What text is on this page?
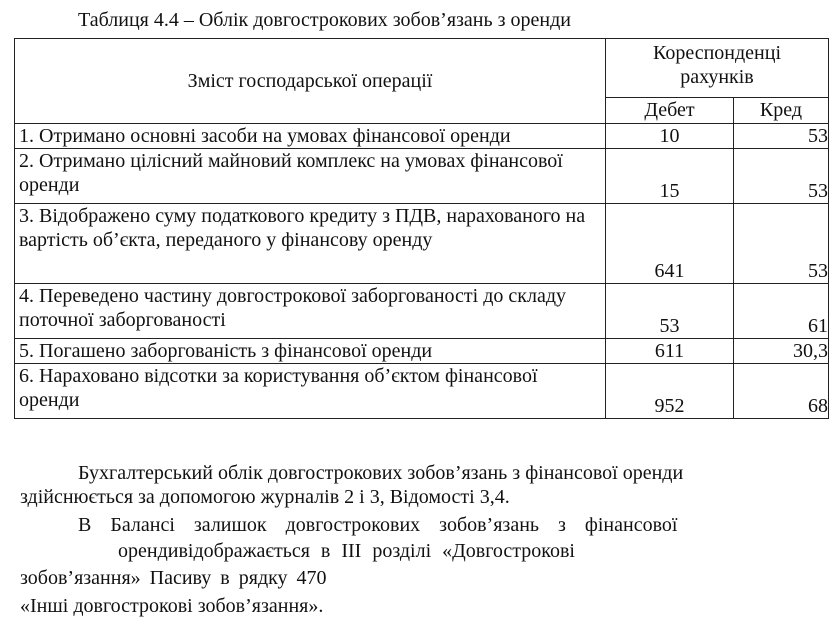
Таблиця 4.4 – Облік довгострокових зобов’язань з оренди
Зміст господарської операції	Кореспонденці
рахунків	

	Дебет	Кред
1. Отримано основні засоби на умовах фінансової оренди	10	53
2. Отримано цілісний майновий комплекс на умовах фінансової оренди	15	53
3. Відображено суму податкового кредиту з ПДВ, нарахованого на вартість об’єкта, переданого у фінансову оренду	641	53
4. Переведено частину довгострокової заборгованості до складу поточної заборгованості	53	61
5. Погашено заборгованість з фінансової оренди	611	30,3
6. Нараховано відсотки за користування об’єктом фінансової оренди	952	68
Бухгалтерський облік довгострокових зобов’язань з фінансової оренди
здійснюється за допомогою журналів 2 і 3, Відомості 3,4.
В Балансі залишок довгострокових зобов’язань з фінансової
орендивідображається в ІІІ розділі «Довгострокові
зобов’язання» Пасиву в рядку 470
«Інші довгострокові зобов’язання».
